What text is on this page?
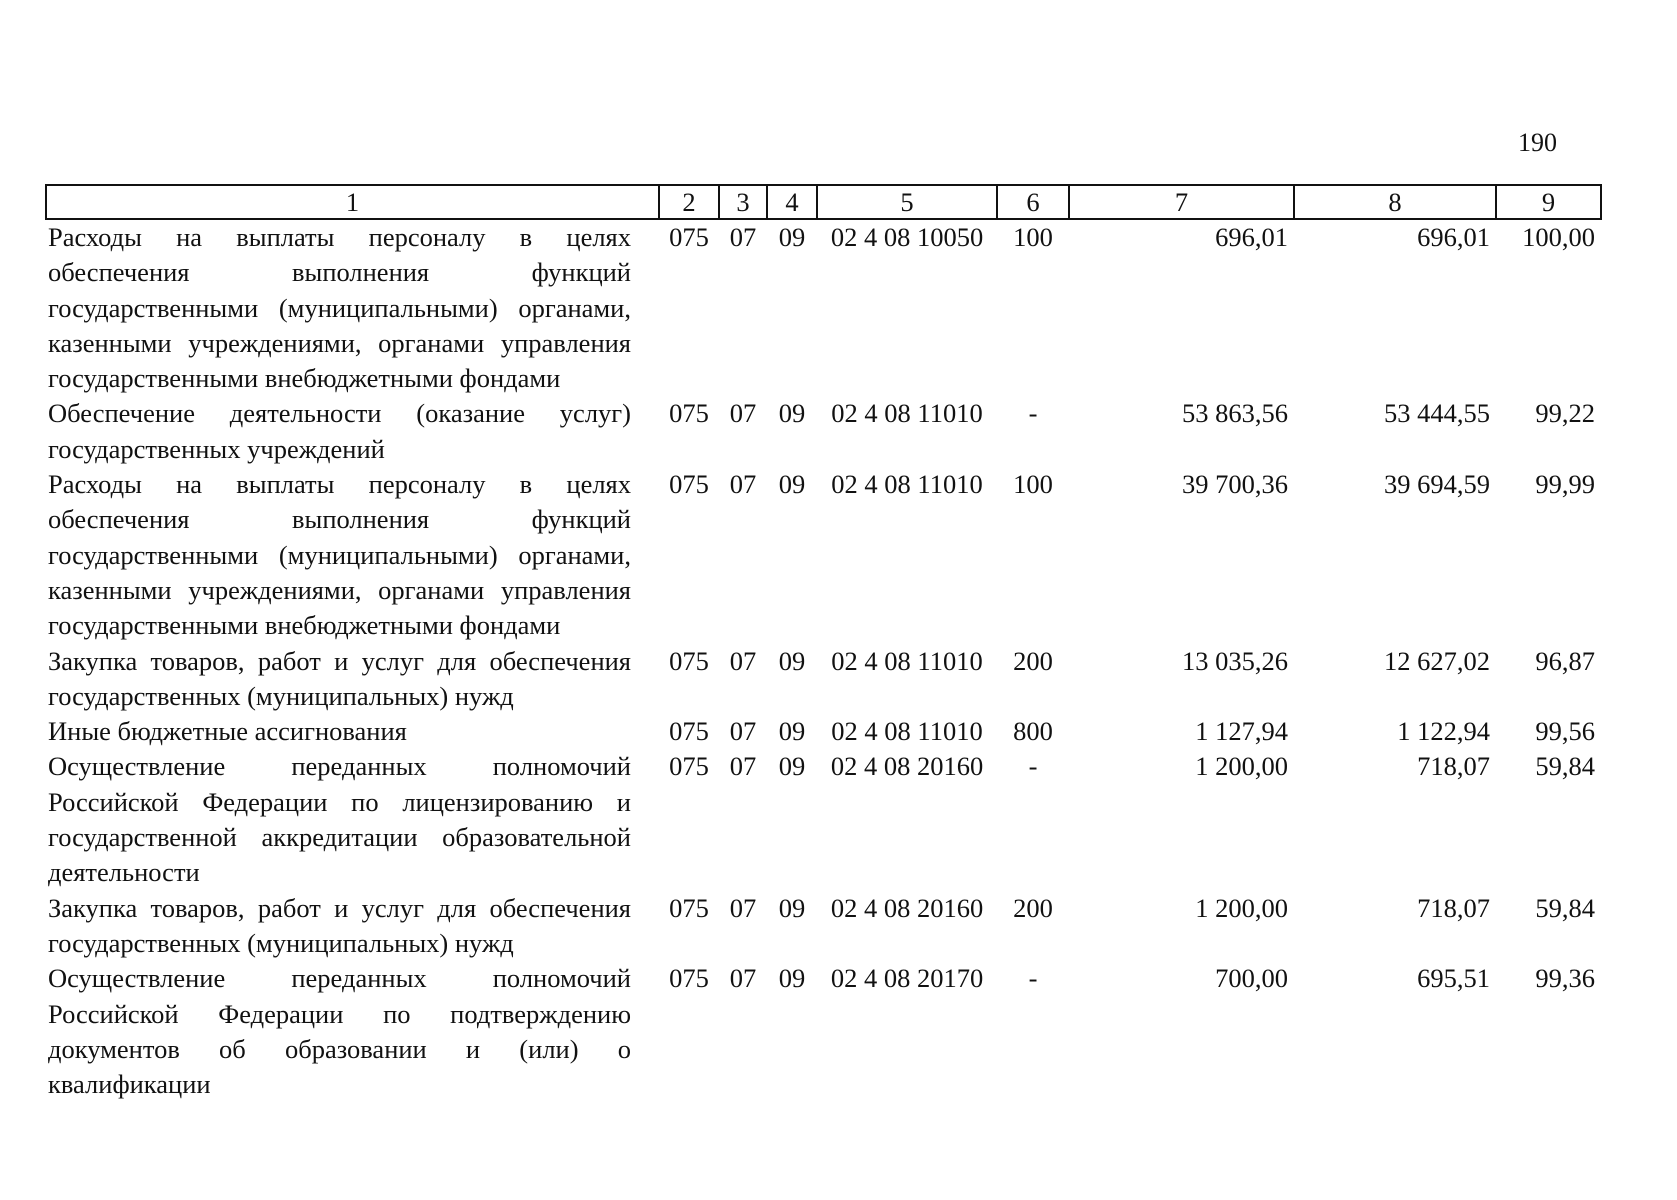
190
1	2	3	4	5	6	7	8	9
Расходы на выплаты персоналу в целях обеспечения выполнения функций государственными (муниципальными) органами, казенными учреждениями, органами управления государственными внебюджетными фондами	075	07	09	02 4 08 10050	100	696,01	696,01	100,00
Обеспечение деятельности (оказание услуг) государственных учреждений	075	07	09	02 4 08 11010	-	53 863,56	53 444,55	99,22
Расходы на выплаты персоналу в целях обеспечения выполнения функций государственными (муниципальными) органами, казенными учреждениями, органами управления государственными внебюджетными фондами	075	07	09	02 4 08 11010	100	39 700,36	39 694,59	99,99
Закупка товаров, работ и услуг для обеспечения государственных (муниципальных) нужд	075	07	09	02 4 08 11010	200	13 035,26	12 627,02	96,87
Иные бюджетные ассигнования	075	07	09	02 4 08 11010	800	1 127,94	1 122,94	99,56
Осуществление переданных полномочий Российской Федерации по лицензированию и государственной аккредитации образовательной деятельности	075	07	09	02 4 08 20160	-	1 200,00	718,07	59,84
Закупка товаров, работ и услуг для обеспечения государственных (муниципальных) нужд	075	07	09	02 4 08 20160	200	1 200,00	718,07	59,84
Осуществление переданных полномочий Российской Федерации по подтверждению документов об образовании и (или) о квалификации	075	07	09	02 4 08 20170	-	700,00	695,51	99,36
